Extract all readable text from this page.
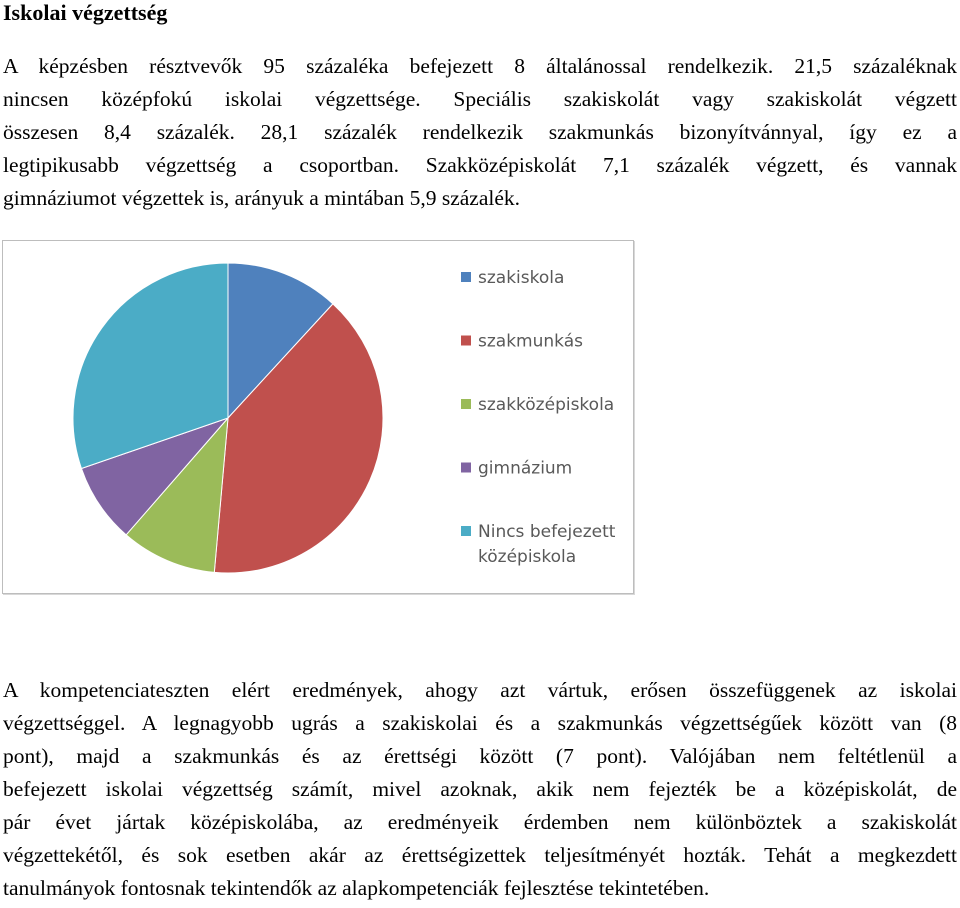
Iskolai végzettség
A képzésben résztvevők 95 százaléka befejezett 8 általánossal rendelkezik. 21,5 százaléknak
nincsen középfokú iskolai végzettsége. Speciális szakiskolát vagy szakiskolát végzett
összesen 8,4 százalék. 28,1 százalék rendelkezik szakmunkás bizonyítvánnyal, így ez a
legtipikusabb végzettség a csoportban. Szakközépiskolát 7,1 százalék végzett, és vannak
gimnáziumot végzettek is, arányuk a mintában 5,9 százalék.
szakiskola
szakmunkás
szakközépiskola
gimnázium
Nincs befejezett
középiskola
A kompetenciateszten elért eredmények, ahogy azt vártuk, erősen összefüggenek az iskolai
végzettséggel. A legnagyobb ugrás a szakiskolai és a szakmunkás végzettségűek között van (8
pont), majd a szakmunkás és az érettségi között (7 pont). Valójában nem feltétlenül a
befejezett iskolai végzettség számít, mivel azoknak, akik nem fejezték be a középiskolát, de
pár évet jártak középiskolába, az eredményeik érdemben nem különböztek a szakiskolát
végzettekétől, és sok esetben akár az érettségizettek teljesítményét hozták. Tehát a megkezdett
tanulmányok fontosnak tekintendők az alapkompetenciák fejlesztése tekintetében.
